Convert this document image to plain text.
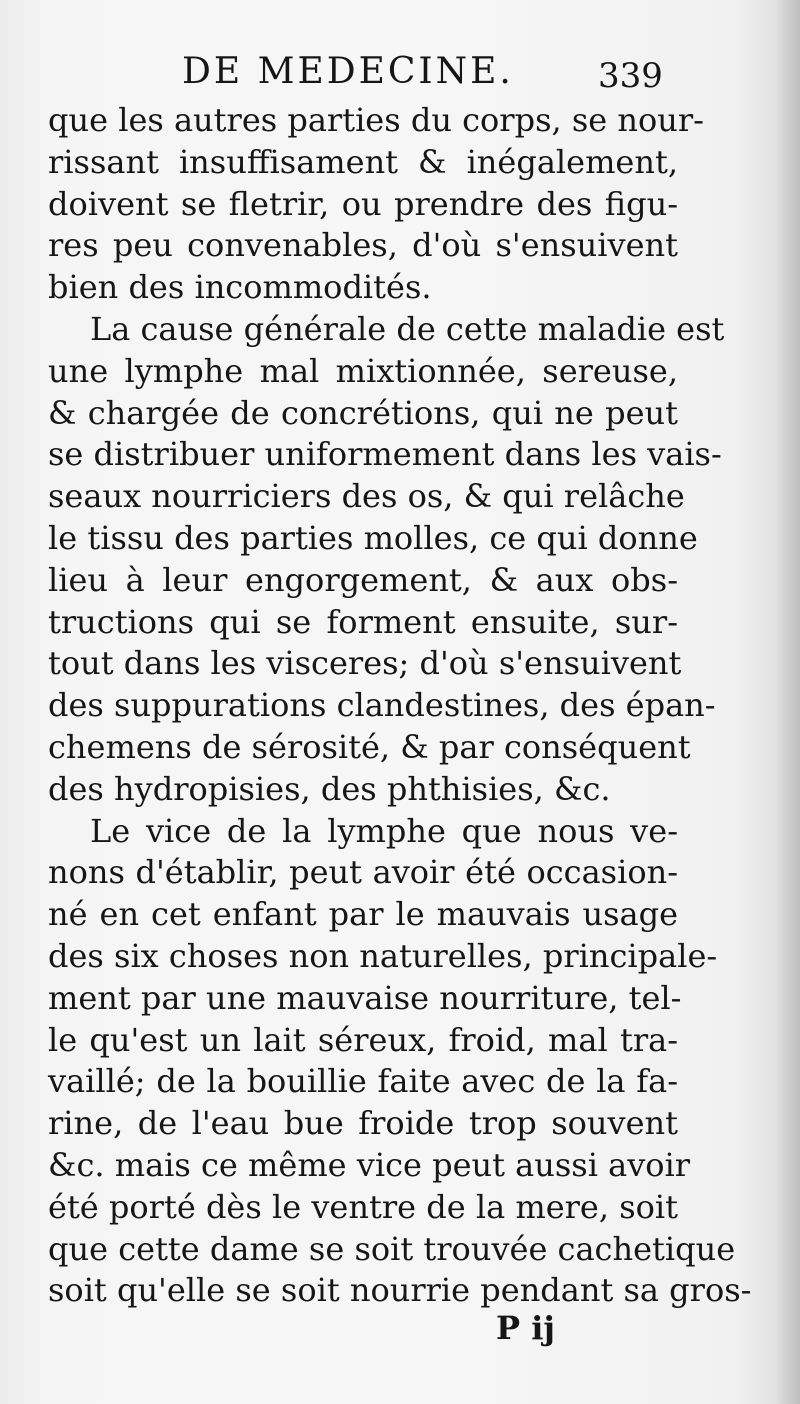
DE MEDECINE. 339
que les autres parties du corps, se nour-
rissant insuffisament & inégalement,
doivent se fletrir, ou prendre des figu-
res peu convenables, d'où s'ensuivent
bien des incommodités.
La cause générale de cette maladie est
une lymphe mal mixtionnée, sereuse,
& chargée de concrétions, qui ne peut
se distribuer uniformement dans les vais-
seaux nourriciers des os, & qui relâche
le tissu des parties molles, ce qui donne
lieu à leur engorgement, & aux obs-
tructions qui se forment ensuite, sur-
tout dans les visceres; d'où s'ensuivent
des suppurations clandestines, des épan-
chemens de sérosité, & par conséquent
des hydropisies, des phthisies, &c.
Le vice de la lymphe que nous ve-
nons d'établir, peut avoir été occasion-
né en cet enfant par le mauvais usage
des six choses non naturelles, principale-
ment par une mauvaise nourriture, tel-
le qu'est un lait séreux, froid, mal tra-
vaillé; de la bouillie faite avec de la fa-
rine, de l'eau bue froide trop souvent
&c. mais ce même vice peut aussi avoir
été porté dès le ventre de la mere, soit
que cette dame se soit trouvée cachetique
soit qu'elle se soit nourrie pendant sa gros-
P ij
